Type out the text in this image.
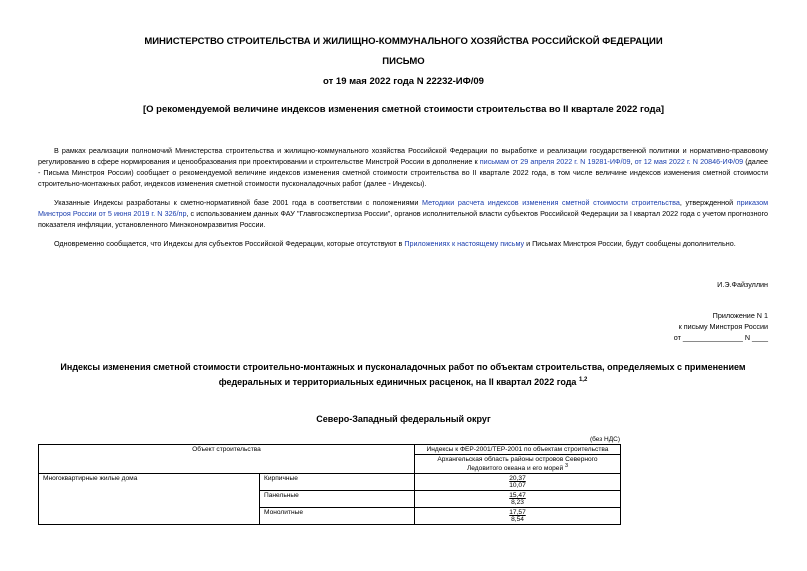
МИНИСТЕРСТВО СТРОИТЕЛЬСТВА И ЖИЛИЩНО-КОММУНАЛЬНОГО ХОЗЯЙСТВА РОССИЙСКОЙ ФЕДЕРАЦИИ
ПИСЬМО
от 19 мая 2022 года N 22232-ИФ/09
[О рекомендуемой величине индексов изменения сметной стоимости строительства во II квартале 2022 года]
В рамках реализации полномочий Министерства строительства и жилищно-коммунального хозяйства Российской Федерации по выработке и реализации государственной политики и нормативно-правовому регулированию в сфере нормирования и ценообразования при проектировании и строительстве Минстрой России в дополнение к письмам от 29 апреля 2022 г. N 19281-ИФ/09, от 12 мая 2022 г. N 20846-ИФ/09 (далее - Письма Минстроя России) сообщает о рекомендуемой величине индексов изменения сметной стоимости строительства во II квартале 2022 года, в том числе величине индексов изменения сметной стоимости строительно-монтажных работ, индексов изменения сметной стоимости пусконаладочных работ (далее - Индексы).
Указанные Индексы разработаны к сметно-нормативной базе 2001 года в соответствии с положениями Методики расчета индексов изменения сметной стоимости строительства, утвержденной приказом Минстроя России от 5 июня 2019 г. N 326/пр, с использованием данных ФАУ "Главгосэкспертиза России", органов исполнительной власти субъектов Российской Федерации за I квартал 2022 года с учетом прогнозного показателя инфляции, установленного Минэкономразвития России.
Одновременно сообщается, что Индексы для субъектов Российской Федерации, которые отсутствуют в Приложениях к настоящему письму и Письмах Минстроя России, будут сообщены дополнительно.
И.Э.Файзуллин
Приложение N 1
к письму Минстроя России
от _______________ N ____
Индексы изменения сметной стоимости строительно-монтажных и пусконаладочных работ по объектам строительства, определяемых с применением федеральных и территориальных единичных расценок, на II квартал 2022 года $^{1,2}$
Северо-Западный федеральный округ
(без НДС)
Объект строительства		Индексы к ФЕР-2001/ТЕР-2001 по объектам строительства	
		Архангельская область районы островов Северного Ледовитого океана и его морей $^3$	
Многоквартирные жилые дома	Кирпичные	20,37
10,07	
	Панельные	15,47
8,23	
	Монолитные	17,57
8,54	
